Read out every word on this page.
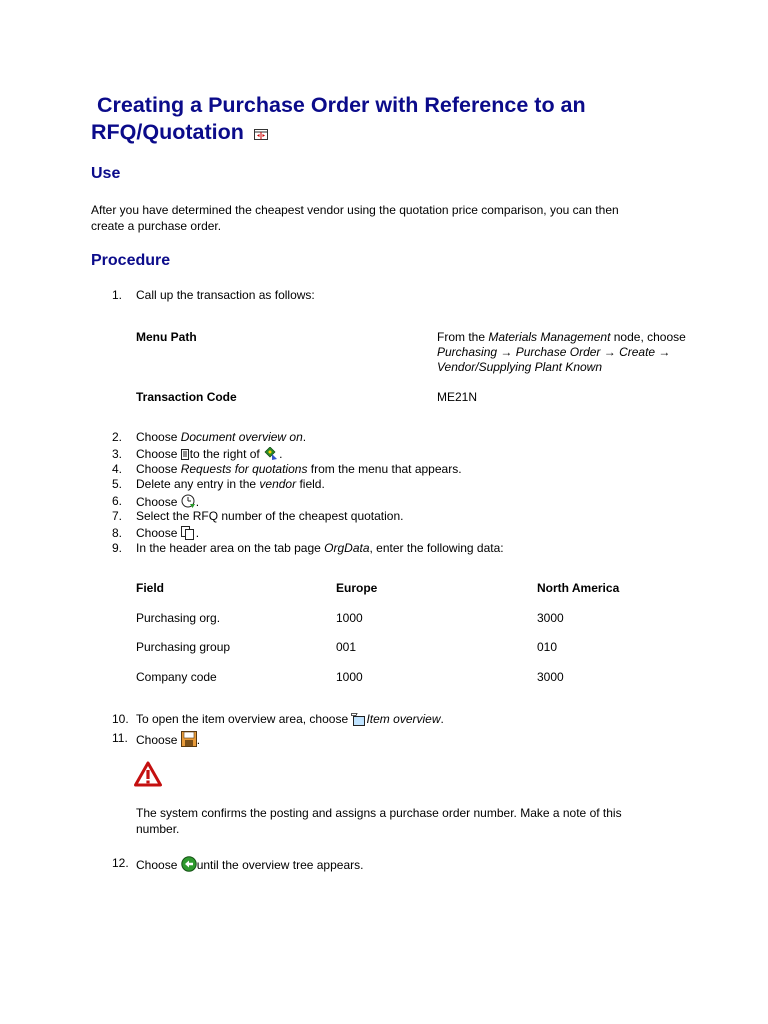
Creating a Purchase Order with Reference to an
RFQ/Quotation
Use

After you have determined the cheapest vendor using the quotation price comparison, you can then
create a purchase order.

Procedure
1.	Call up the transaction as follows:
Menu Path	From the Materials Management node, choose
Purchasing → Purchase Order → Create →
Vendor/Supplying Plant Known
Transaction Code	ME21N
2.	Choose Document overview on.
3.	Choose to the right of .
4.	Choose Requests for quotations from the menu that appears.
5.	Delete any entry in the vendor field.
6.	Choose .
7.	Select the RFQ number of the cheapest quotation.
8.	Choose .
9.	In the header area on the tab page OrgData, enter the following data:
Field	Europe	North America
Purchasing org.	1000	3000
Purchasing group	001	010
Company code	1000	3000
10. To open the item overview area, choose Item overview.
11. Choose .

The system confirms the posting and assigns a purchase order number. Make a note of this
number.

12. Choose until the overview tree appears.
